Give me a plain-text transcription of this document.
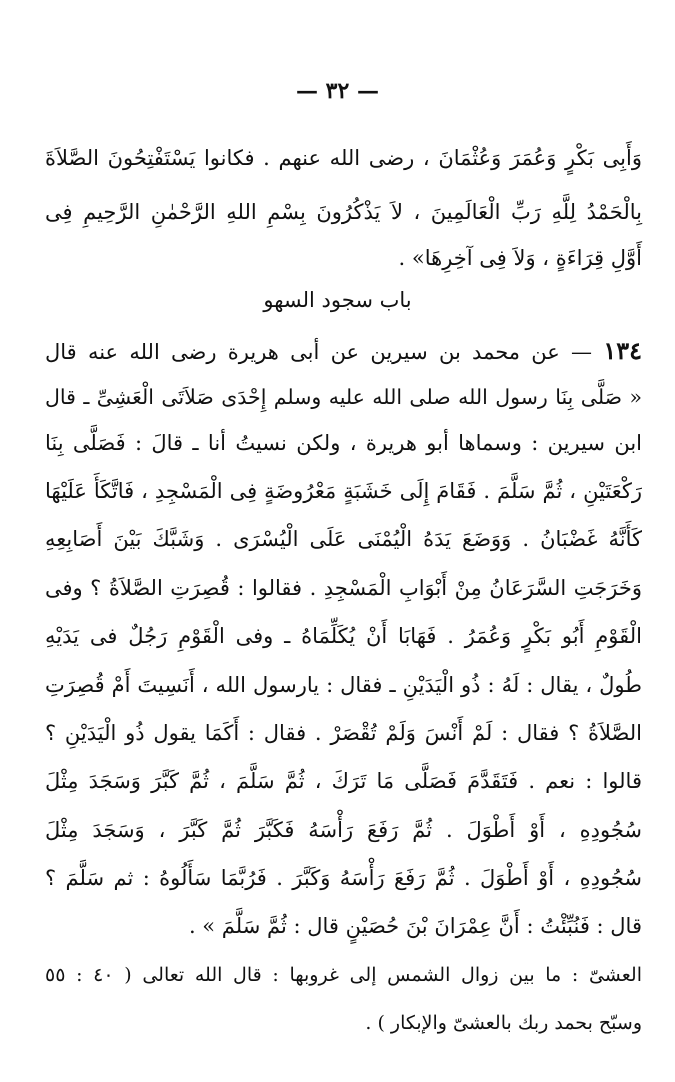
— ٣٢ —
وَأَبِى بَكْرٍ وَعُمَرَ وَعُثْمَانَ ، رضى الله عنهم . فكانوا يَسْتَفْتِحُونَ الصَّلاَةَ
بِالْحَمْدُ لِلَّهِ رَبِّ الْعَالَمِينَ ، لاَ يَذْكُرُونَ بِسْمِ اللهِ الرَّحْمٰنِ الرَّحِيمِ فِى
أَوَّلِ قِرَاءَةٍ ، وَلاَ فِى آخِرِهَا» .
باب سجود السهو
١٣٤ — عن محمد بن سيرين عن أبى هريرة رضى الله عنه قال
« صَلَّى بِنَا رسول الله صلى الله عليه وسلم إِحْدَى صَلاَتَى الْعَشِىِّ ـ قال
ابن سيرين : وسماها أبو هريرة ، ولكن نسيتُ أنا ـ قالَ : فَصَلَّى بِنَا
رَكْعَتَيْنِ ، ثُمَّ سَلَّمَ . فَقَامَ إِلَى خَشَبَةٍ مَعْرُوضَةٍ فِى الْمَسْجِدِ ، فَاتَّكَأَ عَلَيْهَا
كَأَنَّهُ غَضْبَانُ . وَوَضَعَ يَدَهُ الْيُمْنَى عَلَى الْيُسْرَى . وَشَبَّكَ بَيْنَ أَصَابِعِهِ
وَخَرَجَتِ السَّرَعَانُ مِنْ أَبْوَابِ الْمَسْجِدِ . فقالوا : قُصِرَتِ الصَّلاَةُ ؟ وفى
الْقَوْمِ أَبُو بَكْرٍ وَعُمَرُ . فَهَابَا أَنْ يُكَلِّمَاهُ ـ وفى الْقَوْمِ رَجُلٌ فى يَدَيْهِ
طُولٌ ، يقال : لَهُ : ذُو الْيَدَيْنِ ـ فقال : يارسول الله ، أَنَسِيتَ أَمْ قُصِرَتِ
الصَّلاَةُ ؟ فقال : لَمْ أَنْسَ وَلَمْ تُقْصَرْ . فقال : أَكَمَا يقول ذُو الْيَدَيْنِ ؟
قالوا : نعم . فَتَقَدَّمَ فَصَلَّى مَا تَرَكَ ، ثُمَّ سَلَّمَ ، ثُمَّ كَبَّرَ وَسَجَدَ مِثْلَ
سُجُودِهِ ، أَوْ أَطْوَلَ . ثُمَّ رَفَعَ رَأْسَهُ فَكَبَّرَ ثُمَّ كَبَّرَ ، وَسَجَدَ مِثْلَ
سُجُودِهِ ، أَوْ أَطْوَلَ . ثُمَّ رَفَعَ رَأْسَهُ وَكَبَّرَ . فَرُبَّمَا سَأَلُوهُ : ثم سَلَّمَ ؟
قال : فَنُبِّئْتُ : أَنَّ عِمْرَانَ بْنَ حُصَيْنٍ قال : ثُمَّ سَلَّمَ » .
العشىّ : ما بين زوال الشمس إلى غروبها : قال الله تعالى ( ٤٠ : ٥٥
وسبّح بحمد ربك بالعشىّ والإبكار ) .
